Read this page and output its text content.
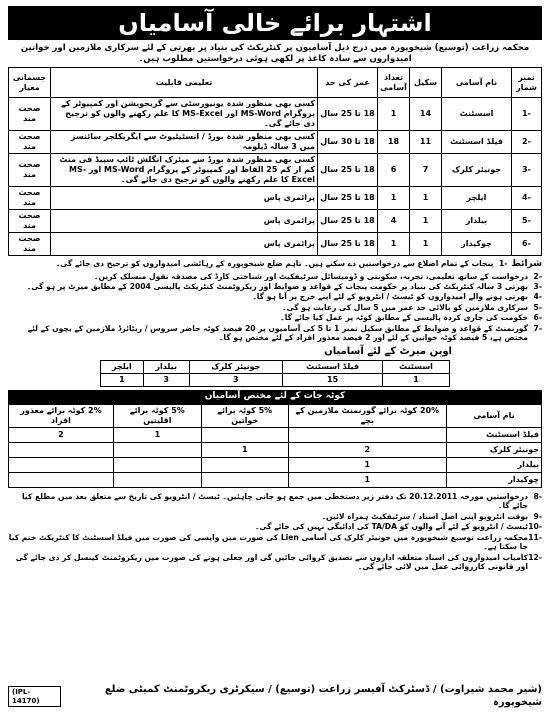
اشتہار برائے خالی آسامیاں
محکمہ زراعت (توسیع) شیخوپورہ میں درج ذیل آسامیوں پر کنٹریکٹ کی بنیاد پر بھرتی کے لئے سرکاری ملازمین اور خواتین امیدواروں سے سادہ کاغذ پر لکھی ہوئی درخواستیں مطلوب ہیں۔
نمبر شمار	نام آسامی	سکیل	تعداد آسامی	عمر کی حد	تعلیمی قابلیت	جسمانی معیار
-1	اسسٹنٹ	14	1	18 تا 25 سال	کسی بھی منظور شدہ یونیورسٹی سے گریجویشن اور کمپیوٹر کے پروگرام MS-Word اور MS-Excel کا علم رکھنے والوں کو ترجیح دی جائے گی۔	صحت مند
-2	فیلڈ اسسٹنٹ	11	18	18 تا 30 سال	کسی بھی منظور شدہ بورڈ / انسٹیٹیوٹ سے ایگریکلچر سائنسز میں 3 سالہ ڈپلومہ	صحت مند
-3	جونیئر کلرک	7	6	18 تا 25 سال	کسی بھی منظور شدہ بورڈ سے میٹرک انگلش ٹائپ سپیڈ فی منٹ کم از کم 25 الفاظ اور کمپیوٹر کے پروگرام MS-Word اور MS-Excel کا علم رکھنے والوں کو ترجیح دی جائے گی۔	صحت مند
-4	ایلچر	1	1	18 تا 25 سال	پرائمری پاس	صحت مند
-5	بیلدار	1	4	18 تا 25 سال	پرائمری پاس	صحت مند
-6	چوکیدار	1	1	18 تا 25 سال	پرائمری پاس	صحت مند
شرائط
-1
پنجاب کے تمام اضلاع سے درخواستیں دے سکتے ہیں۔ تاہم ضلع شیخوپورہ کے رہائشی امیدواروں کو ترجیح دی جائے گی۔
-2
درخواست کے ساتھ تعلیمی، تجربہ، سکونتی و ڈومیسائل سرٹیفکیٹ اور شناختی کارڈ کی مصدقہ نقول منسلک کریں۔
-3
بھرتی 3 سالہ کنٹریکٹ کی بنیاد پر حکومت پنجاب کے قواعد و ضوابط اور ریکروٹمنٹ کنٹریکٹ پالیسی 2004 کے مطابق میرٹ پر ہو گی۔
-4
بھرتی ہونے والے امیدواروں کو ٹیسٹ / انٹرویو کے لئے اپنے خرچ پر آنا ہو گا۔
-5
سرکاری ملازمین کو بالائی حد عمر میں 5 سال کی رعایت ہو گی۔
-6
حکومت کی جاری کردہ پالیسی کے مطابق کوٹہ پر عمل کیا جائے گا۔
-7
گورنمنٹ کے قواعد و ضوابط کے مطابق سکیل نمبر 1 تا 5 کی آسامیوں پر 20 فیصد کوٹہ حاضر سروس / ریٹائرڈ ملازمین کے بچوں کے لئے مختص ہے، 5 فیصد کوٹہ خواتین کے لئے اور 2 فیصد معذور افراد کے لئے مختص ہو گا۔
اوپن میرٹ کے لئے آسامیاں
اسسٹنٹ	فیلڈ اسسٹنٹ	جونیئر کلرک	بیلدار	ایلچر
1	15	3	3	1
کوٹہ جات کے لئے مختص آسامیاں
نام آسامی	20% کوٹہ برائے گورنمنٹ ملازمین کے بچے	5% کوٹہ برائے خواتین	5% کوٹہ برائے اقلیتیں	2% کوٹہ برائے معذور افراد
فیلڈ اسسٹنٹ			1	2
جونیئر کلرک	2	1		
بیلدار	1			
چوکیدار	1			
-8
درخواستیں مورخہ 20.12.2011 تک دفتر زیر دستخطی میں جمع ہو جانی چاہئیں۔ ٹیسٹ / انٹرویو کی تاریخ سے متعلق بعد میں مطلع کیا جائے گا۔
-9
بوقت انٹرویو اپنی اصل اسناد / سرٹیفکیٹ ہمراہ لائیں۔
-10
ٹیسٹ / انٹرویو کے لئے آنے والوں کو TA/DA کی ادائیگی نہیں کی جائے گی۔
-11
محکمہ زراعت توسیع شیخوپورہ میں جونیئر کلرک کی آسامی Lien کی صورت میں واپسی کی صورت میں فیلڈ اسسٹنٹ کا کنٹریکٹ ختم کیا جا سکتا ہے۔
-12
کامیاب امیدواروں کی اسناد متعلقہ اداروں سے تصدیق کروائی جائیں گی اور جعلی ہونے کی صورت میں ریکروٹمنٹ کینسل کر دی جائے گی اور قانونی کارروائی عمل میں لائی جائے گی۔
(IPL-14170)
(شیر محمد شیراوت) / ڈسٹرکٹ آفیسر زراعت (توسیع) / سیکرٹری ریکروٹمنٹ کمیٹی ضلع شیخوپورہ
